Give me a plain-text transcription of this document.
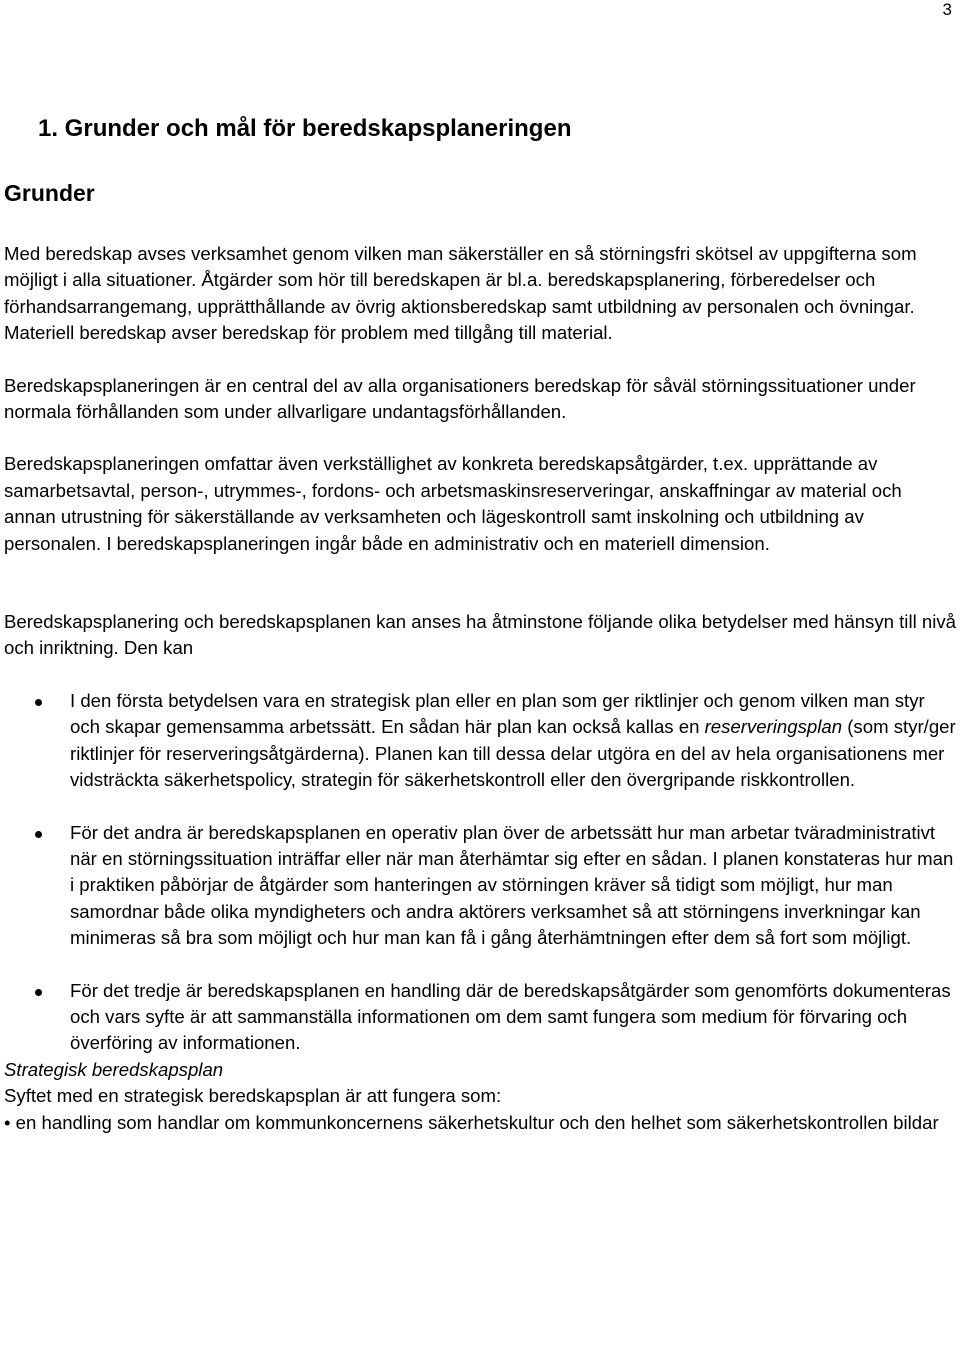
3
1. Grunder och mål för beredskapsplaneringen
Grunder

Med beredskap avses verksamhet genom vilken man säkerställer en så störningsfri skötsel av uppgifterna som möjligt i alla situationer. Åtgärder som hör till beredskapen är bl.a. beredskapsplanering, förberedelser och förhandsarrangemang, upprätthållande av övrig aktionsberedskap samt utbildning av personalen och övningar. Materiell beredskap avser beredskap för problem med tillgång till material.

Beredskapsplaneringen är en central del av alla organisationers beredskap för såväl störningssituationer under normala förhållanden som under allvarligare undantagsförhållanden.

Beredskapsplaneringen omfattar även verkställighet av konkreta beredskapsåtgärder, t.ex. upprättande av samarbetsavtal, person-, utrymmes-, fordons- och arbetsmaskinsreserveringar, anskaffningar av material och annan utrustning för säkerställande av verksamheten och lägeskontroll samt inskolning och utbildning av personalen. I beredskapsplaneringen ingår både en administrativ och en materiell dimension.

Beredskapsplanering och beredskapsplanen kan anses ha åtminstone följande olika betydelser med hänsyn till nivå och inriktning. Den kan

I den första betydelsen vara en strategisk plan eller en plan som ger riktlinjer och genom vilken man styr och skapar gemensamma arbetssätt. En sådan här plan kan också kallas en reserveringsplan (som styr/ger riktlinjer för reserveringsåtgärderna). Planen kan till dessa delar utgöra en del av hela organisationens mer vidsträckta säkerhetspolicy, strategin för säkerhetskontroll eller den övergripande riskkontrollen.
För det andra är beredskapsplanen en operativ plan över de arbetssätt hur man arbetar tväradministrativt när en störningssituation inträffar eller när man återhämtar sig efter en sådan. I planen konstateras hur man i praktiken påbörjar de åtgärder som hanteringen av störningen kräver så tidigt som möjligt, hur man samordnar både olika myndigheters och andra aktörers verksamhet så att störningens inverkningar kan minimeras så bra som möjligt och hur man kan få i gång återhämtningen efter dem så fort som möjligt.
För det tredje är beredskapsplanen en handling där de beredskapsåtgärder som genomförts dokumenteras och vars syfte är att sammanställa informationen om dem samt fungera som medium för förvaring och överföring av informationen.

Strategisk beredskapsplan

Syftet med en strategisk beredskapsplan är att fungera som:

• en handling som handlar om kommunkoncernens säkerhetskultur och den helhet som säkerhetskontrollen bildar
